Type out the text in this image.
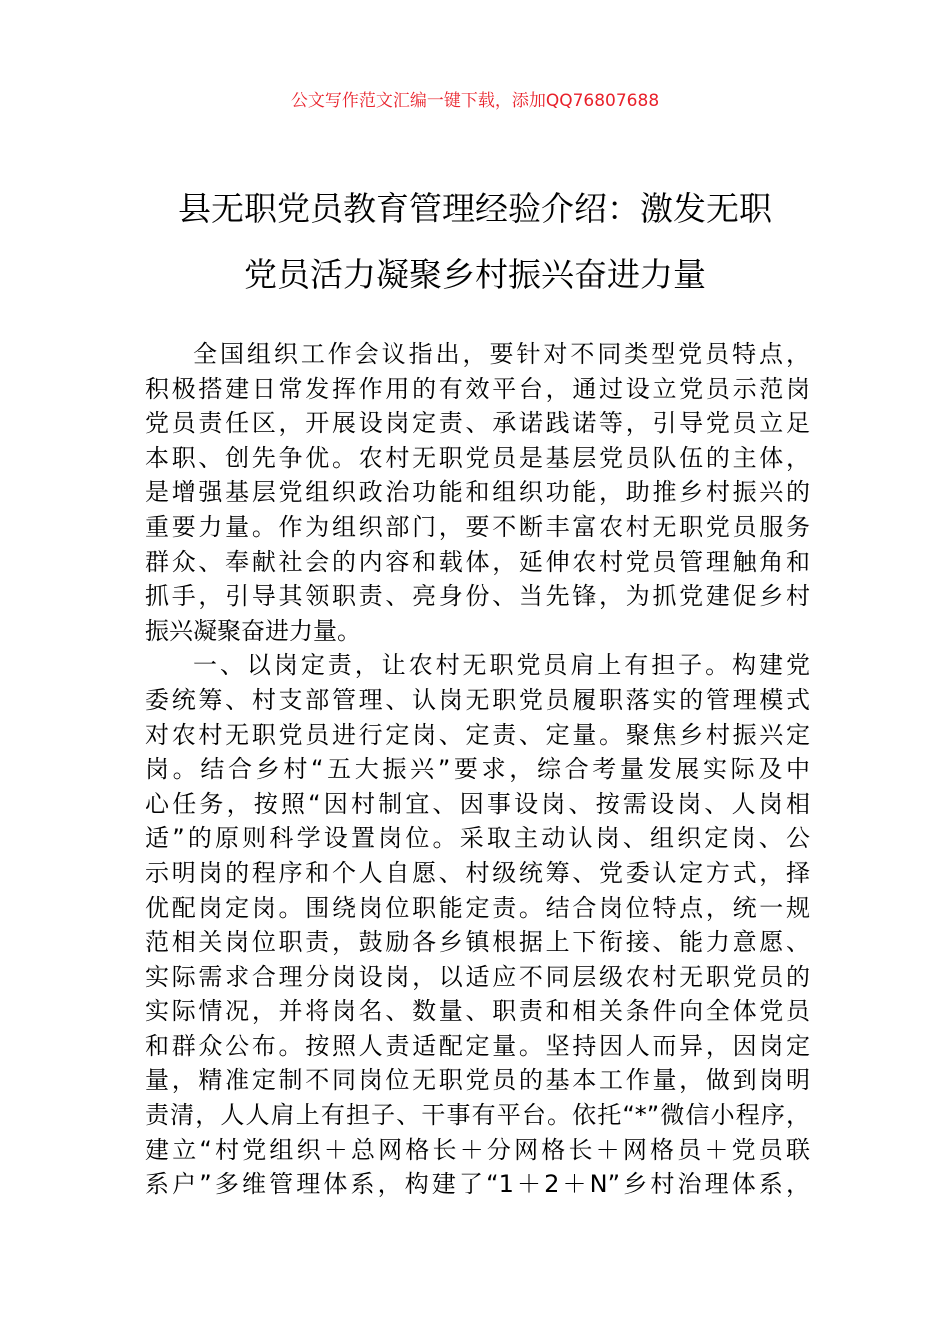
公文写作范文汇编一键下载，添加QQ76807688
县无职党员教育管理经验介绍：激发无职
党员活力凝聚乡村振兴奋进力量
全国组织工作会议指出，要针对不同类型党员特点，
积极搭建日常发挥作用的有效平台，通过设立党员示范岗
党员责任区，开展设岗定责、承诺践诺等，引导党员立足
本职、创先争优。农村无职党员是基层党员队伍的主体，
是增强基层党组织政治功能和组织功能，助推乡村振兴的
重要力量。作为组织部门，要不断丰富农村无职党员服务
群众、奉献社会的内容和载体，延伸农村党员管理触角和
抓手，引导其领职责、亮身份、当先锋，为抓党建促乡村
振兴凝聚奋进力量。
一、以岗定责，让农村无职党员肩上有担子。构建党
委统筹、村支部管理、认岗无职党员履职落实的管理模式
对农村无职党员进行定岗、定责、定量。聚焦乡村振兴定
岗。结合乡村“五大振兴”要求，综合考量发展实际及中
心任务，按照“因村制宜、因事设岗、按需设岗、人岗相
适”的原则科学设置岗位。采取主动认岗、组织定岗、公
示明岗的程序和个人自愿、村级统筹、党委认定方式，择
优配岗定岗。围绕岗位职能定责。结合岗位特点，统一规
范相关岗位职责，鼓励各乡镇根据上下衔接、能力意愿、
实际需求合理分岗设岗，以适应不同层级农村无职党员的
实际情况，并将岗名、数量、职责和相关条件向全体党员
和群众公布。按照人责适配定量。坚持因人而异，因岗定
量，精准定制不同岗位无职党员的基本工作量，做到岗明
责清，人人肩上有担子、干事有平台。依托“*”微信小程序，
建立“村党组织＋总网格长＋分网格长＋网格员＋党员联
系户”多维管理体系，构建了“1＋2＋N”乡村治理体系，
